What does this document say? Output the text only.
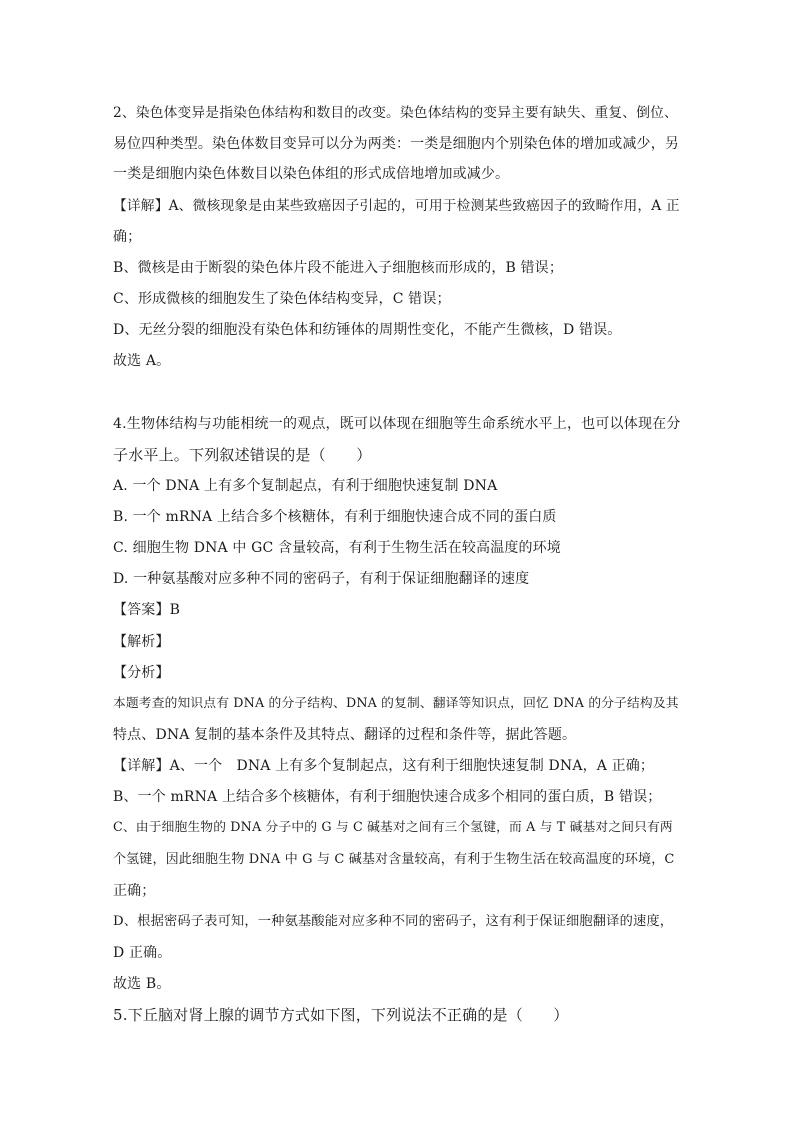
2、染色体变异是指染色体结构和数目的改变。染色体结构的变异主要有缺失、重复、倒位、
易位四种类型。染色体数目变异可以分为两类：一类是细胞内个别染色体的增加或减少，另
一类是细胞内染色体数目以染色体组的形式成倍地增加或减少。
【详解】A、微核现象是由某些致癌因子引起的，可用于检测某些致癌因子的致畸作用，A 正
确；
B、微核是由于断裂的染色体片段不能进入子细胞核而形成的，B 错误；
C、形成微核的细胞发生了染色体结构变异，C 错误；
D、无丝分裂的细胞没有染色体和纺锤体的周期性变化，不能产生微核，D 错误。
故选 A。
4.生物体结构与功能相统一的观点，既可以体现在细胞等生命系统水平上，也可以体现在分
子水平上。下列叙述错误的是（　　）
A. 一个 DNA 上有多个复制起点，有利于细胞快速复制 DNA
B. 一个 mRNA 上结合多个核糖体，有利于细胞快速合成不同的蛋白质
C. 细胞生物 DNA 中 GC 含量较高，有利于生物生活在较高温度的环境
D. 一种氨基酸对应多种不同的密码子，有利于保证细胞翻译的速度
【答案】B
【解析】
【分析】
本题考查的知识点有 DNA 的分子结构、DNA 的复制、翻译等知识点，回忆 DNA 的分子结构及其
特点、DNA 复制的基本条件及其特点、翻译的过程和条件等，据此答题。
【详解】A、一个　DNA 上有多个复制起点，这有利于细胞快速复制 DNA，A 正确；
B、一个 mRNA 上结合多个核糖体，有利于细胞快速合成多个相同的蛋白质，B 错误；
C、由于细胞生物的 DNA 分子中的 G 与 C 碱基对之间有三个氢键，而 A 与 T 碱基对之间只有两
个氢键，因此细胞生物 DNA 中 G 与 C 碱基对含量较高，有利于生物生活在较高温度的环境，C
正确；
D、根据密码子表可知，一种氨基酸能对应多种不同的密码子，这有利于保证细胞翻译的速度，
D 正确。
故选 B。
5.下丘脑对肾上腺的调节方式如下图，下列说法不正确的是（　　）
